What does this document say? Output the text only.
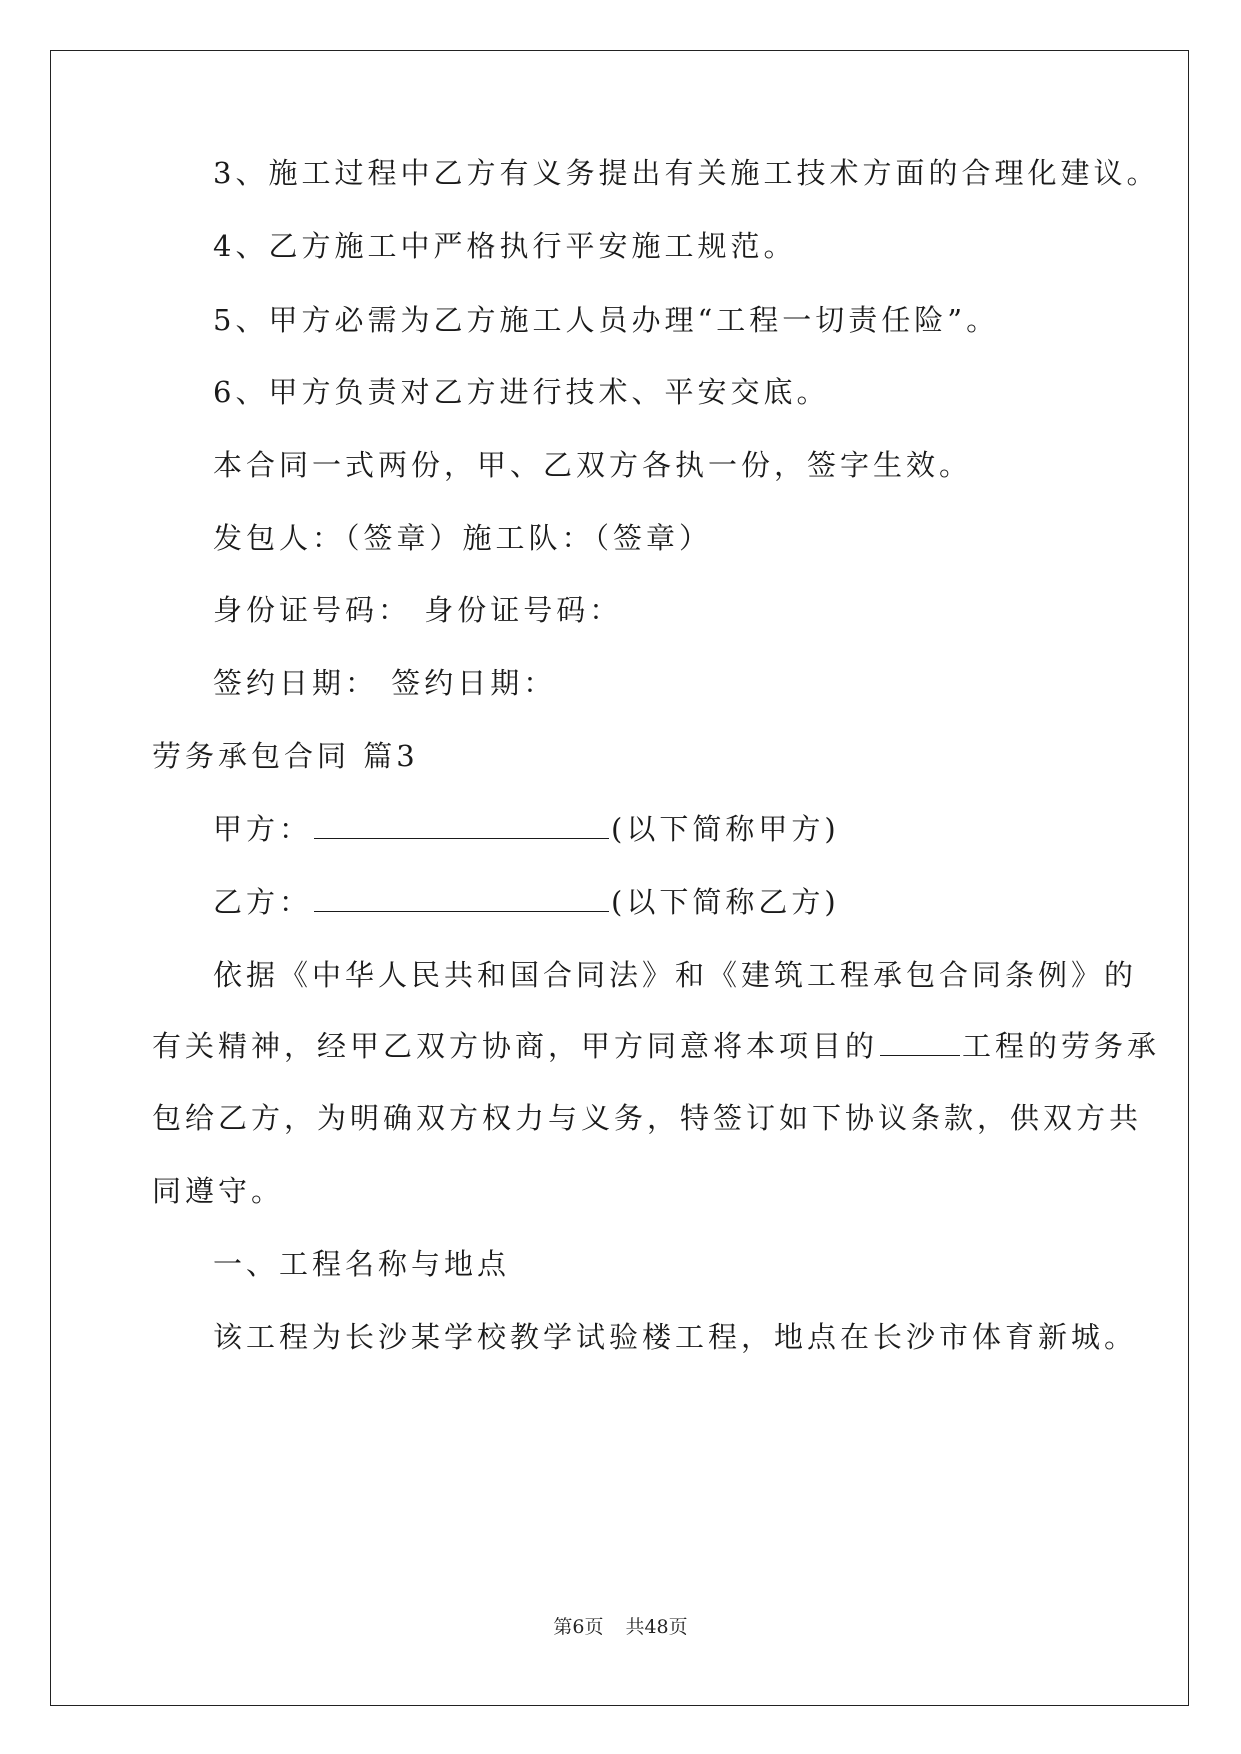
3、施工过程中乙方有义务提出有关施工技术方面的合理化建议。
4、乙方施工中严格执行平安施工规范。
5、甲方必需为乙方施工人员办理“工程一切责任险”。
6、甲方负责对乙方进行技术、平安交底。
本合同一式两份，甲、乙双方各执一份，签字生效。
发包人：（签章）施工队：（签章）
身份证号码： 身份证号码：
签约日期： 签约日期：
劳务承包合同 篇3
甲方：	(以下简称甲方)
乙方：	(以下简称乙方)
依据《中华人民共和国合同法》和《建筑工程承包合同条例》的
有关精神，经甲乙双方协商，甲方同意将本项目的	工程的劳务承
包给乙方，为明确双方权力与义务，特签订如下协议条款，供双方共
同遵守。
一、工程名称与地点
该工程为长沙某学校教学试验楼工程，地点在长沙市体育新城。
第6页 共48页
